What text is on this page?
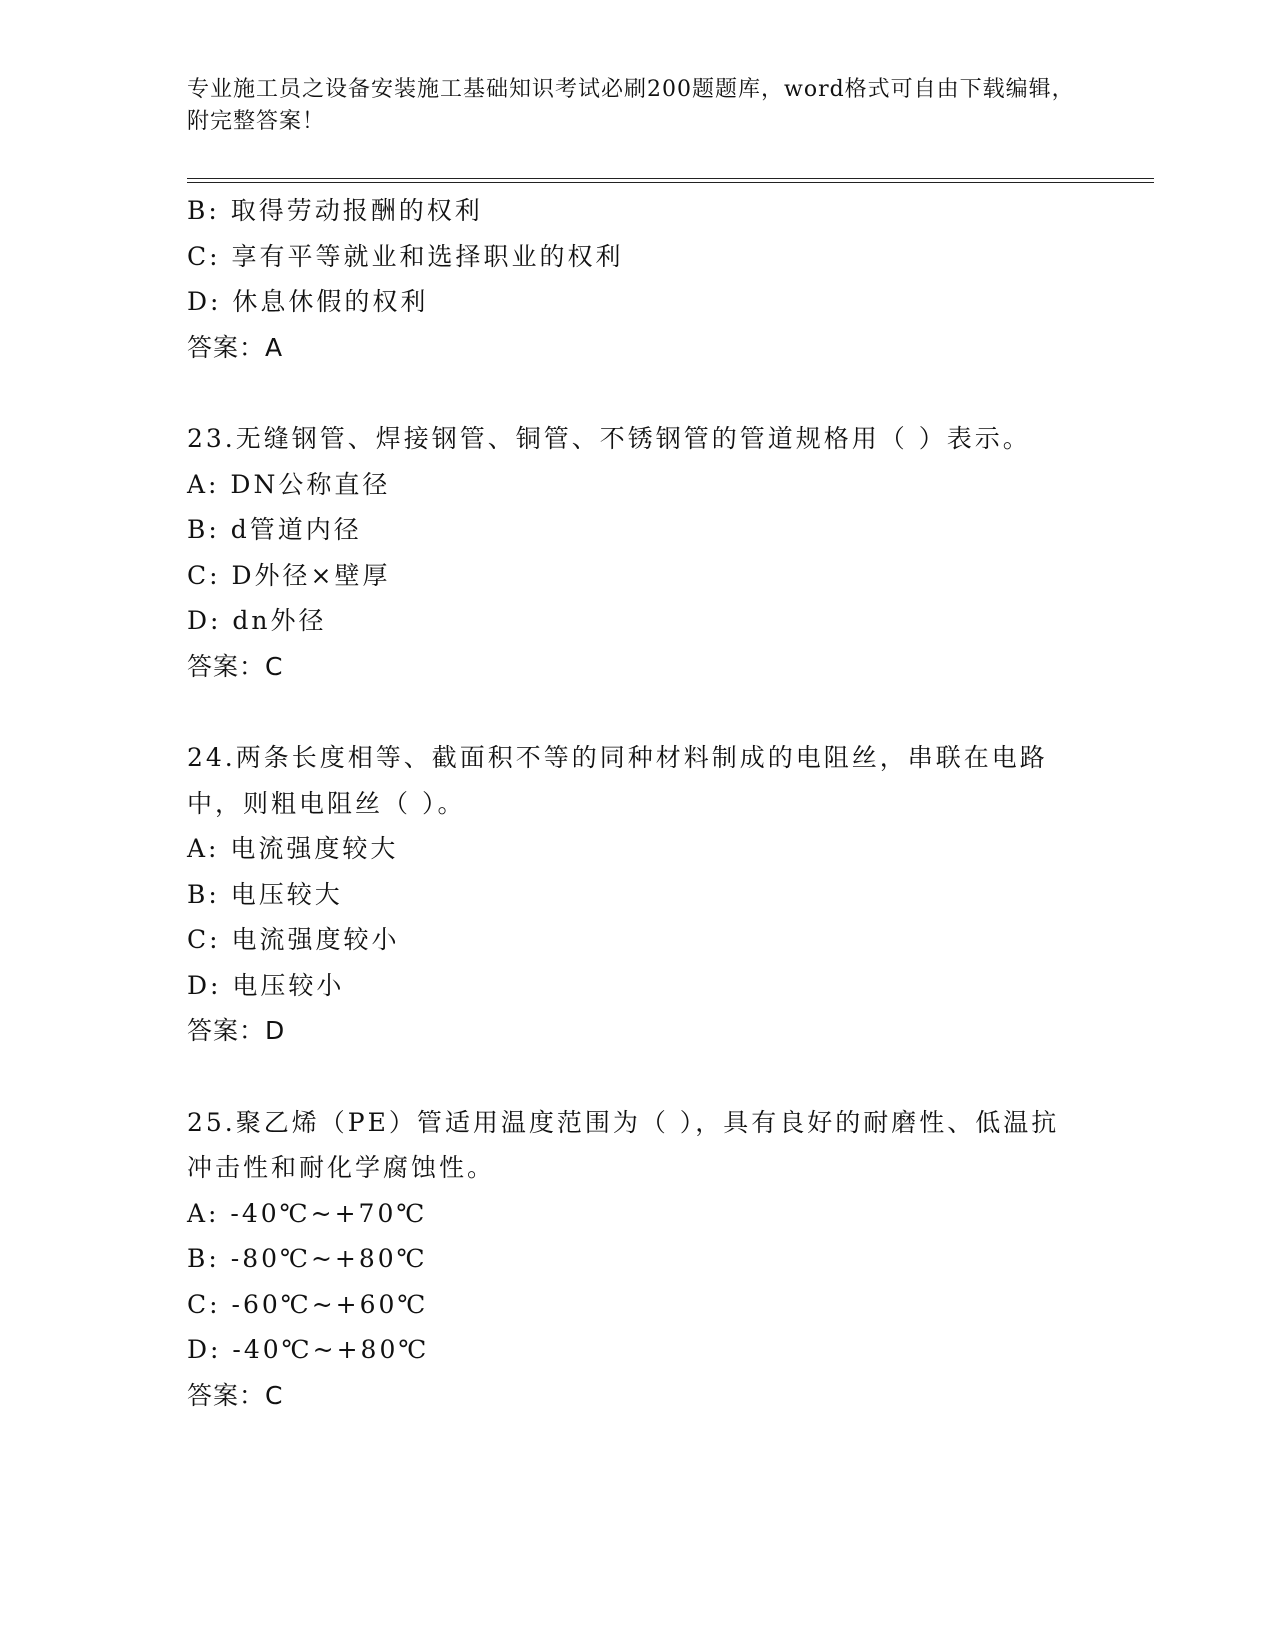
专业施工员之设备安装施工基础知识考试必刷200题题库，word格式可自由下载编辑，附完整答案！
B: 取得劳动报酬的权利
C: 享有平等就业和选择职业的权利
D: 休息休假的权利
答案：A
23.无缝钢管、焊接钢管、铜管、不锈钢管的管道规格用（ ）表示。
A: DN公称直径
B: d管道内径
C: D外径×壁厚
D: dn外径
答案：C
24.两条长度相等、截面积不等的同种材料制成的电阻丝，串联在电路中，则粗电阻丝（ ）。
A: 电流强度较大
B: 电压较大
C: 电流强度较小
D: 电压较小
答案：D
25.聚乙烯（PE）管适用温度范围为（ ），具有良好的耐磨性、低温抗冲击性和耐化学腐蚀性。
A: -40℃~+70℃
B: -80℃~+80℃
C: -60℃~+60℃
D: -40℃~+80℃
答案：C
